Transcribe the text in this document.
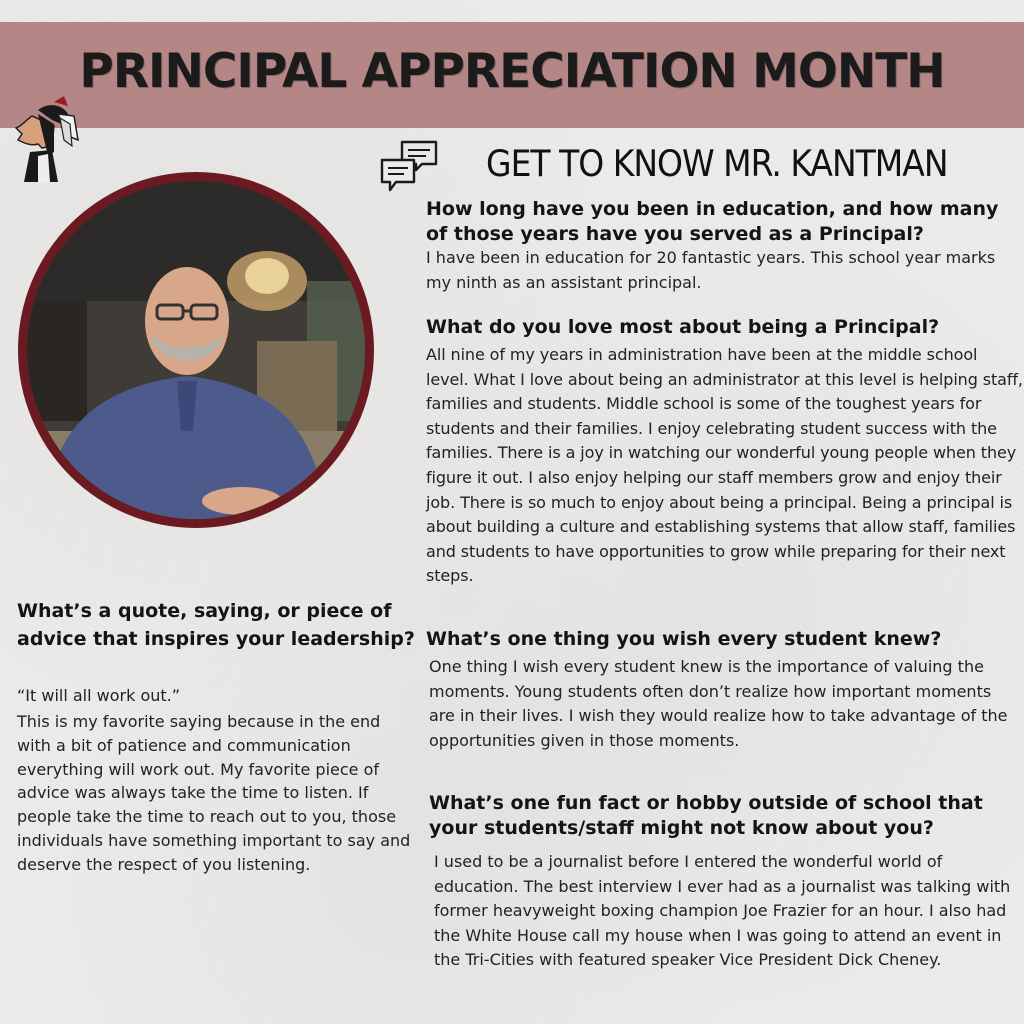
PRINCIPAL APPRECIATION MONTH
GET TO KNOW MR. KANTMAN
How long have you been in education, and how many of those years have you served as a Principal?
I have been in education for 20 fantastic years. This school year marks my ninth as an assistant principal.
What do you love most about being a Principal?
All nine of my years in administration have been at the middle school level. What I love about being an administrator at this level is helping staff, families and students. Middle school is some of the toughest years for students and their families. I enjoy celebrating student success with the families. There is a joy in watching our wonderful young people when they figure it out. I also enjoy helping our staff members grow and enjoy their job. There is so much to enjoy about being a principal. Being a principal is about building a culture and establishing systems that allow staff, families and students to have opportunities to grow while preparing for their next steps.
What’s one thing you wish every student knew?
One thing I wish every student knew is the importance of valuing the moments. Young students often don’t realize how important moments are in their lives. I wish they would realize how to take advantage of the opportunities given in those moments.
What’s one fun fact or hobby outside of school that your students/staff might not know about you?
I used to be a journalist before I entered the wonderful world of education. The best interview I ever had as a journalist was talking with former heavyweight boxing champion Joe Frazier for an hour. I also had the White House call my house when I was going to attend an event in the Tri-Cities with featured speaker Vice President Dick Cheney.
What’s a quote, saying, or piece of advice that inspires your leadership?
“It will all work out.”
This is my favorite saying because in the end with a bit of patience and communication everything will work out. My favorite piece of advice was always take the time to listen. If people take the time to reach out to you, those individuals have something important to say and deserve the respect of you listening.
